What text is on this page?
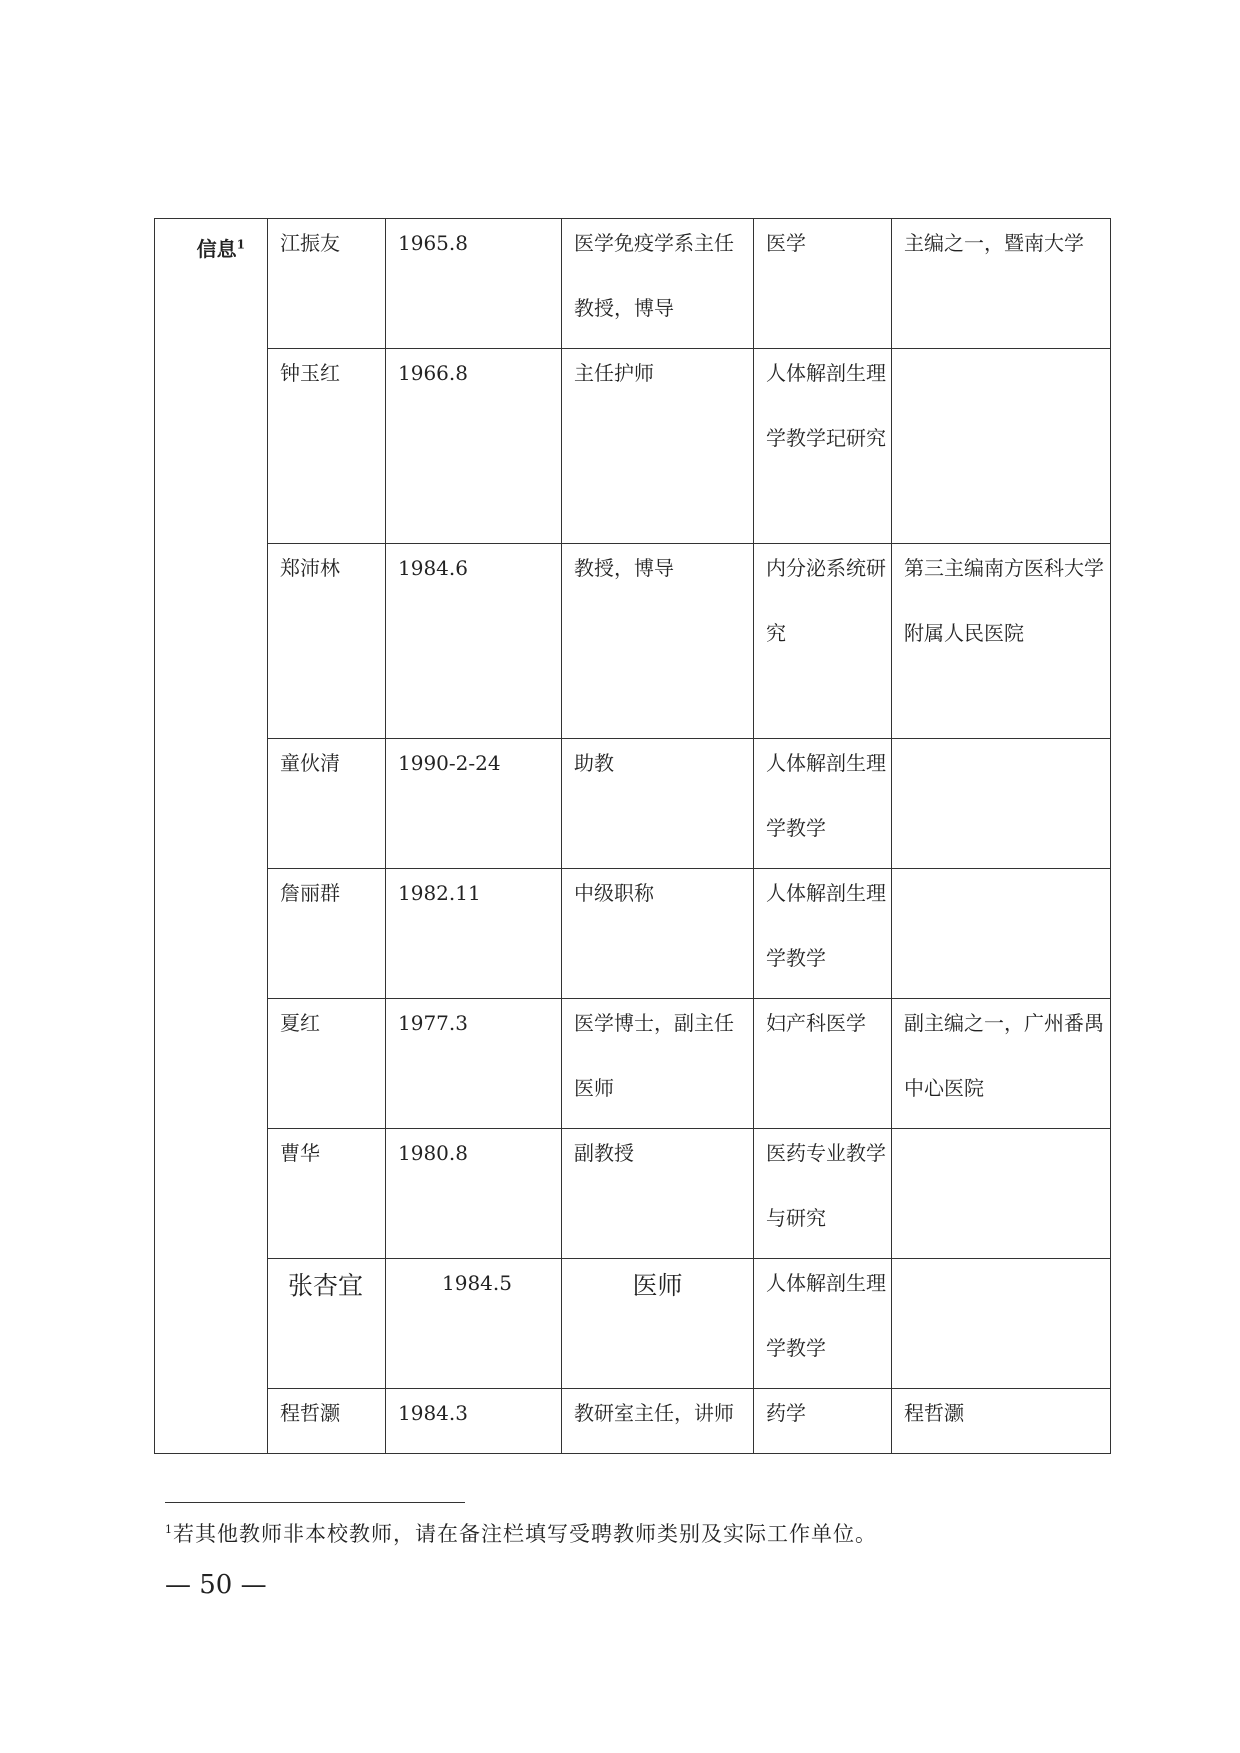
信息$^1$	江振友	1965.8	医学免疫学系主任教授，博导	医学	主编之一，暨南大学

	钟玉红	1966.8	主任护师	人体解剖生理学教学玘研究	

	郑沛林	1984.6	教授，博导	内分泌系统研究	第三主编南方医科大学附属人民医院

	童伙清	1990-2-24	助教	人体解剖生理学教学	

	詹丽群	1982.11	中级职称	人体解剖生理学教学	

	夏红	1977.3	医学博士，副主任医师	妇产科医学	副主编之一，广州番禺中心医院

	曹华	1980.8	副教授	医药专业教学与研究	

	张杏宜	1984.5	医师	人体解剖生理学教学	

	程哲灏	1984.3	教研室主任，讲师	药学	程哲灏
$^1$若其他教师非本校教师，请在备注栏填写受聘教师类别及实际工作单位。
— 50 —
